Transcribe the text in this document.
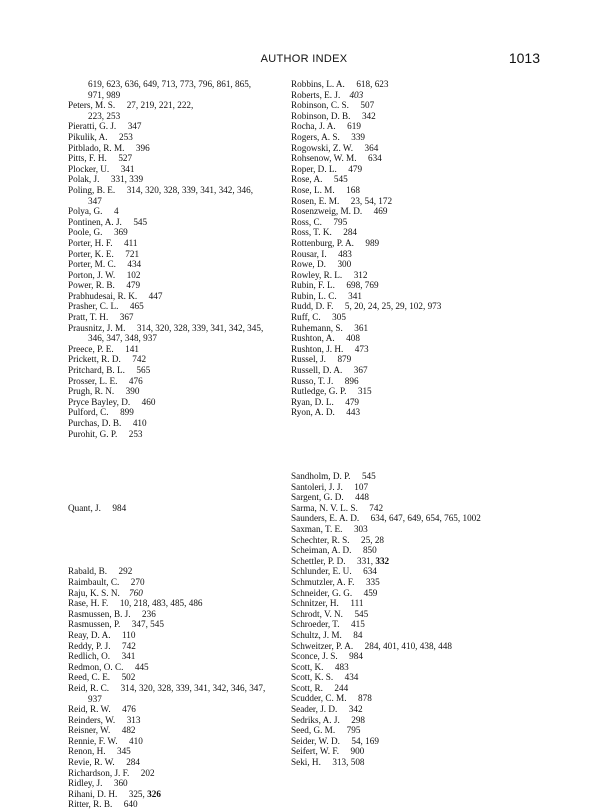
AUTHOR INDEX	1013
619, 623, 636, 649, 713, 773, 796, 861, 865,
971, 989
Peters, M. S.  27, 219, 221, 222,
223, 253
Pieratti, G. J.  347
Pikulik, A.  253
Pitblado, R. M.  396
Pitts, F. H.  527
Plocker, U.  341
Polak, J.  331, 339
Poling, B. E.  314, 320, 328, 339, 341, 342, 346,
347
Polya, G.  4
Pontinen, A. J.  545
Poole, G.  369
Porter, H. F.  411
Porter, K. E.  721
Porter, M. C.  434
Porton, J. W.  102
Power, R. B.  479
Prabhudesai, R. K.  447
Prasher, C. L.  465
Pratt, T. H.  367
Prausnitz, J. M.  314, 320, 328, 339, 341, 342, 345,
346, 347, 348, 937
Preece, P. E.  141
Prickett, R. D.  742
Pritchard, B. L.  565
Prosser, L. E.  476
Prugh, R. N.  390
Pryce Bayley, D.  460
Pulford, C.  899
Purchas, D. B.  410
Purohit, G. P.  253
Quant, J.  984
Rabald, B.  292
Raimbault, C.  270
Raju, K. S. N. 760
Rase, H. F.  10, 218, 483, 485, 486
Rasmussen, B. J.  236
Rasmussen, P.  347, 545
Reay, D. A.  110
Reddy, P. J.  742
Redlich, O.  341
Redmon, O. C.  445
Reed, C. E.  502
Reid, R. C.  314, 320, 328, 339, 341, 342, 346, 347,
937
Reid, R. W.  476
Reinders, W.  313
Reisner, W.  482
Rennie, F. W.  410
Renon, H.  345
Revie, R. W.  284
Richardson, J. F.  202
Ridley, J.  360
Rihani, D. H.  325, 326
Ritter, R. B.  640
Robbins, L. A.  618, 623
Roberts, E. J. 403
Robinson, C. S.  507
Robinson, D. B.  342
Rocha, J. A.  619
Rogers, A. S.  339
Rogowski, Z. W.  364
Rohsenow, W. M.  634
Roper, D. L.  479
Rose, A.  545
Rose, L. M.  168
Rosen, E. M.  23, 54, 172
Rosenzweig, M. D.  469
Ross, C.  795
Ross, T. K.  284
Rottenburg, P. A.  989
Rousar, I.  483
Rowe, D.  300
Rowley, R. L.  312
Rubin, F. L.  698, 769
Rubin, L. C.  341
Rudd, D. F.  5, 20, 24, 25, 29, 102, 973
Ruff, C.  305
Ruhemann, S.  361
Rushton, A.  408
Rushton, J. H.  473
Russel, J.  879
Russell, D. A.  367
Russo, T. J.  896
Rutledge, G. P.  315
Ryan, D. L.  479
Ryon, A. D.  443
Sandholm, D. P.  545
Santoleri, J. J.  107
Sargent, G. D.  448
Sarma, N. V. L. S.  742
Saunders, E. A. D.  634, 647, 649, 654, 765, 1002
Saxman, T. E.  303
Schechter, R. S.  25, 28
Scheiman, A. D.  850
Schettler, P. D.  331, 332
Schlunder, E. U.  634
Schmutzler, A. F.  335
Schneider, G. G.  459
Schnitzer, H.  111
Schrodt, V. N.  545
Schroeder, T.  415
Schultz, J. M.  84
Schweitzer, P. A.  284, 401, 410, 438, 448
Sconce, J. S.  984
Scott, K.  483
Scott, K. S.  434
Scott, R.  244
Scudder, C. M.  878
Seader, J. D.  342
Sedriks, A. J.  298
Seed, G. M.  795
Seider, W. D.  54, 169
Seifert, W. F.  900
Seki, H.  313, 508
